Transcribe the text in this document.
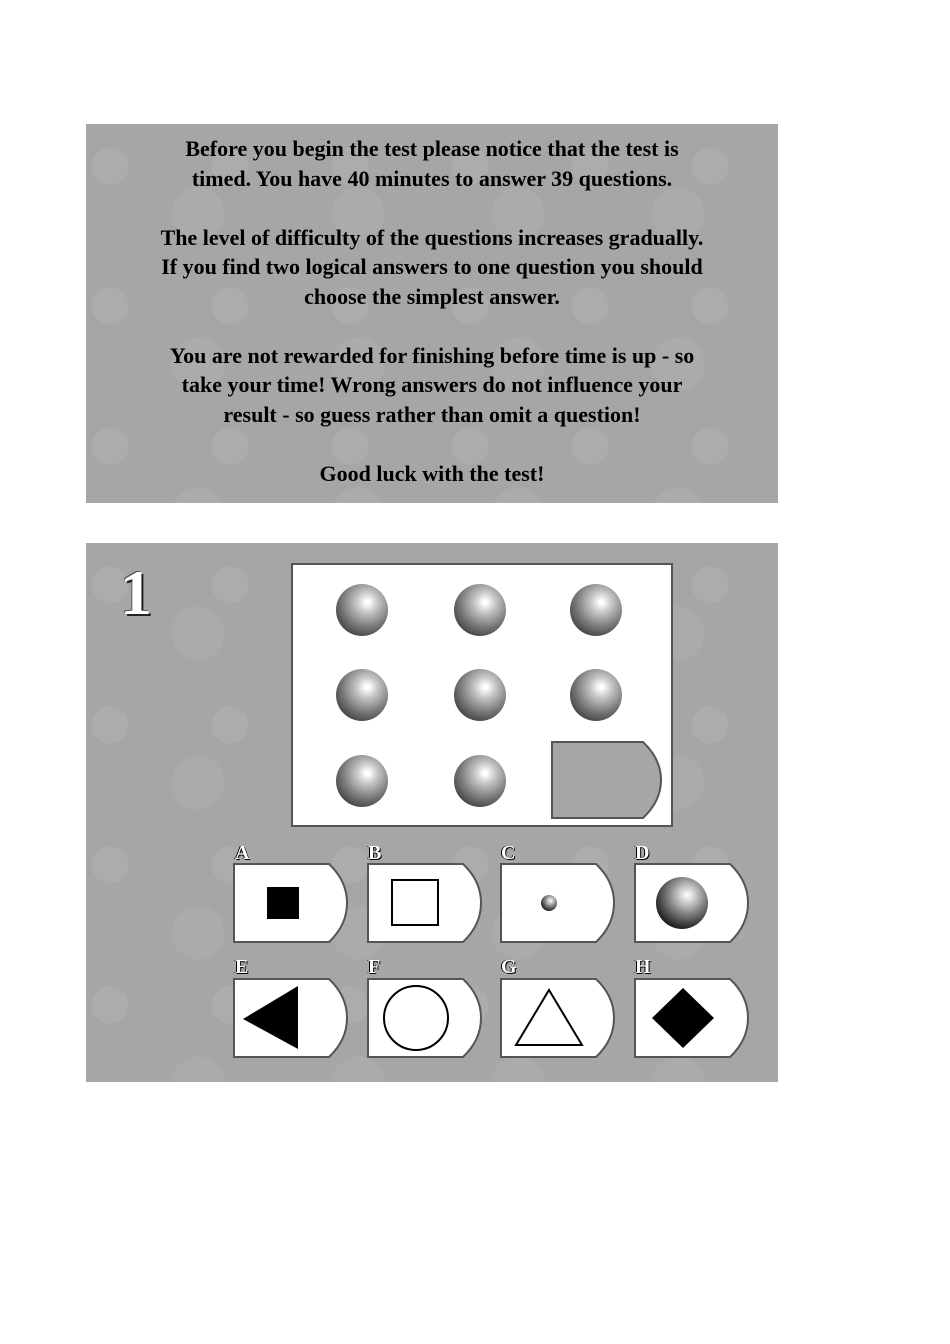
Before you begin the test please notice that the test is
timed. You have 40 minutes to answer 39 questions.

The level of difficulty of the questions increases gradually.
If you find two logical answers to one question you should
choose the simplest answer.

You are not rewarded for finishing before time is up - so
take your time! Wrong answers do not influence your
result - so guess rather than omit a question!

Good luck with the test!

1
A	B	C	D
E	F	G	H
